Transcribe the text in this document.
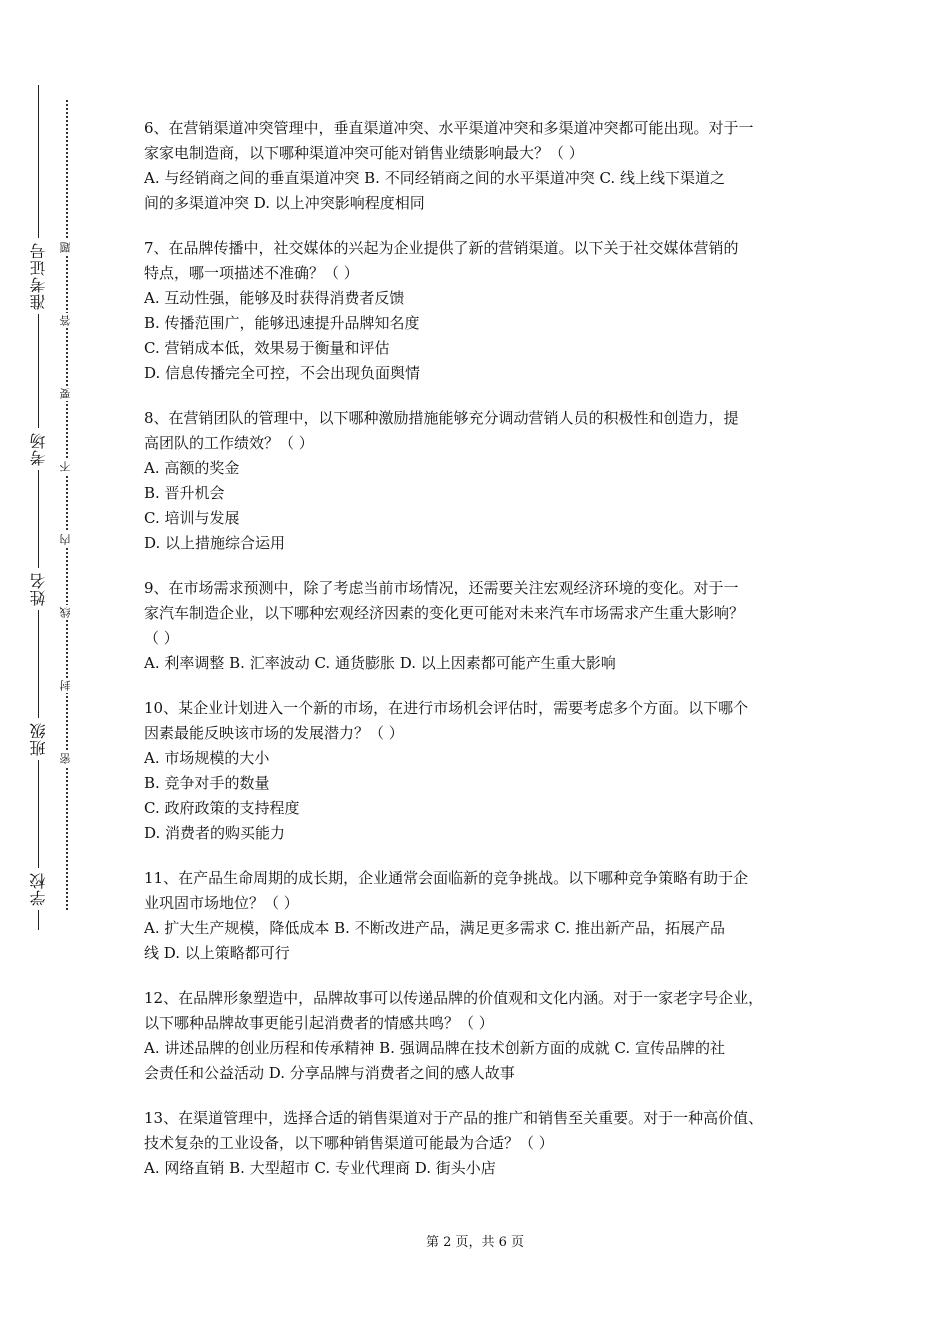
准考证号
考场
姓名
班级
学校
题
答
要
不
内
线
封
密

6、在营销渠道冲突管理中，垂直渠道冲突、水平渠道冲突和多渠道冲突都可能出现。对于一

家家电制造商，以下哪种渠道冲突可能对销售业绩影响最大？（ ）

A. 与经销商之间的垂直渠道冲突 B. 不同经销商之间的水平渠道冲突 C. 线上线下渠道之

间的多渠道冲突 D. 以上冲突影响程度相同

7、在品牌传播中，社交媒体的兴起为企业提供了新的营销渠道。以下关于社交媒体营销的

特点，哪一项描述不准确？（ ）

A. 互动性强，能够及时获得消费者反馈

B. 传播范围广，能够迅速提升品牌知名度

C. 营销成本低，效果易于衡量和评估

D. 信息传播完全可控，不会出现负面舆情

8、在营销团队的管理中，以下哪种激励措施能够充分调动营销人员的积极性和创造力，提

高团队的工作绩效？（ ）

A. 高额的奖金

B. 晋升机会

C. 培训与发展

D. 以上措施综合运用

9、在市场需求预测中，除了考虑当前市场情况，还需要关注宏观经济环境的变化。对于一

家汽车制造企业，以下哪种宏观经济因素的变化更可能对未来汽车市场需求产生重大影响？

（ ）

A. 利率调整 B. 汇率波动 C. 通货膨胀 D. 以上因素都可能产生重大影响

10、某企业计划进入一个新的市场，在进行市场机会评估时，需要考虑多个方面。以下哪个

因素最能反映该市场的发展潜力？（ ）

A. 市场规模的大小

B. 竞争对手的数量

C. 政府政策的支持程度

D. 消费者的购买能力

11、在产品生命周期的成长期，企业通常会面临新的竞争挑战。以下哪种竞争策略有助于企

业巩固市场地位？（ ）

A. 扩大生产规模，降低成本 B. 不断改进产品，满足更多需求 C. 推出新产品，拓展产品

线 D. 以上策略都可行

12、在品牌形象塑造中，品牌故事可以传递品牌的价值观和文化内涵。对于一家老字号企业，

以下哪种品牌故事更能引起消费者的情感共鸣？（ ）

A. 讲述品牌的创业历程和传承精神 B. 强调品牌在技术创新方面的成就 C. 宣传品牌的社

会责任和公益活动 D. 分享品牌与消费者之间的感人故事

13、在渠道管理中，选择合适的销售渠道对于产品的推广和销售至关重要。对于一种高价值、

技术复杂的工业设备，以下哪种销售渠道可能最为合适？（ ）

A. 网络直销 B. 大型超市 C. 专业代理商 D. 街头小店

第 2 页，共 6 页
